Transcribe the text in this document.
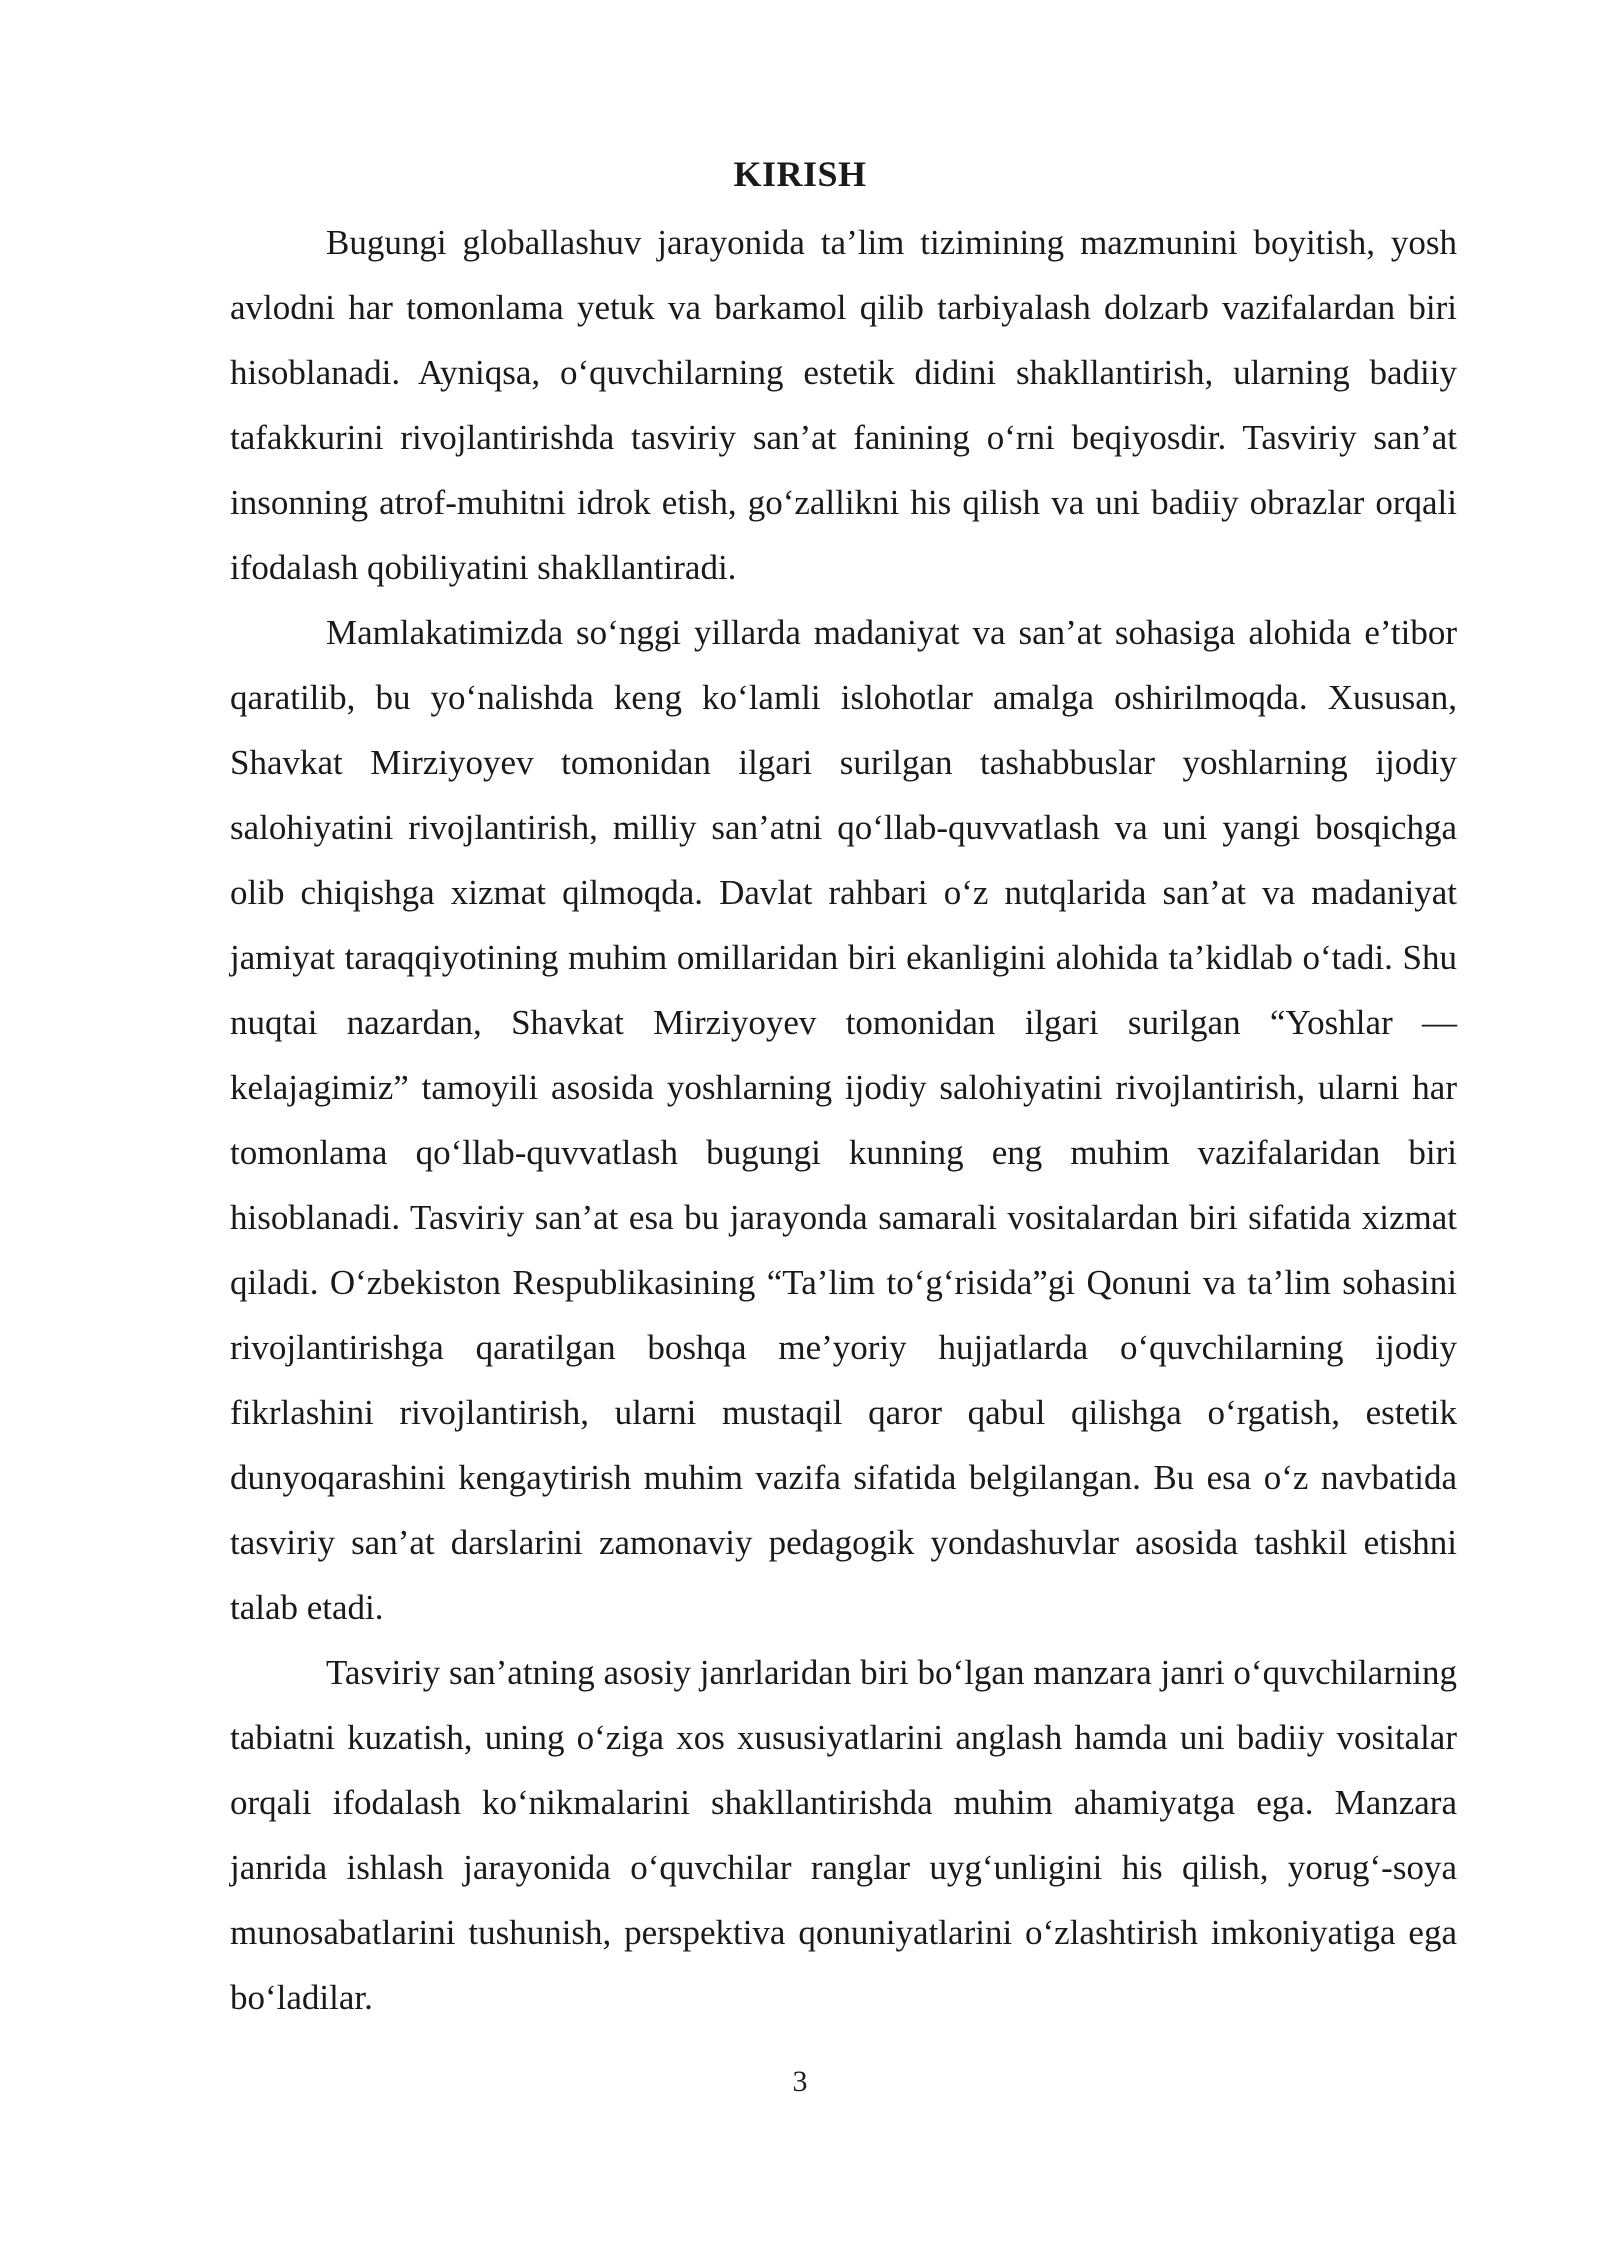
KIRISH

Bugungi globallashuv jarayonida ta’lim tizimining mazmunini boyitish, yosh avlodni har tomonlama yetuk va barkamol qilib tarbiyalash dolzarb vazifalardan biri hisoblanadi. Ayniqsa, o‘quvchilarning estetik didini shakllantirish, ularning badiiy tafakkurini rivojlantirishda tasviriy san’at fanining o‘rni beqiyosdir. Tasviriy san’at insonning atrof-muhitni idrok etish, go‘zallikni his qilish va uni badiiy obrazlar orqali ifodalash qobiliyatini shakllantiradi.

Mamlakatimizda so‘nggi yillarda madaniyat va san’at sohasiga alohida e’tibor qaratilib, bu yo‘nalishda keng ko‘lamli islohotlar amalga oshirilmoqda. Xususan, Shavkat Mirziyoyev tomonidan ilgari surilgan tashabbuslar yoshlarning ijodiy salohiyatini rivojlantirish, milliy san’atni qo‘llab-quvvatlash va uni yangi bosqichga olib chiqishga xizmat qilmoqda. Davlat rahbari o‘z nutqlarida san’at va madaniyat jamiyat taraqqiyotining muhim omillaridan biri ekanligini alohida ta’kidlab o‘tadi. Shu nuqtai nazardan, Shavkat Mirziyoyev tomonidan ilgari surilgan “Yoshlar — kelajagimiz” tamoyili asosida yoshlarning ijodiy salohiyatini rivojlantirish, ularni har tomonlama qo‘llab-quvvatlash bugungi kunning eng muhim vazifalaridan biri hisoblanadi. Tasviriy san’at esa bu jarayonda samarali vositalardan biri sifatida xizmat qiladi. O‘zbekiston Respublikasining “Ta’lim to‘g‘risida”gi Qonuni va ta’lim sohasini rivojlantirishga qaratilgan boshqa me’yoriy hujjatlarda o‘quvchilarning ijodiy fikrlashini rivojlantirish, ularni mustaqil qaror qabul qilishga o‘rgatish, estetik dunyoqarashini kengaytirish muhim vazifa sifatida belgilangan. Bu esa o‘z navbatida tasviriy san’at darslarini zamonaviy pedagogik yondashuvlar asosida tashkil etishni talab etadi.

Tasviriy san’atning asosiy janrlaridan biri bo‘lgan manzara janri o‘quvchilarning tabiatni kuzatish, uning o‘ziga xos xususiyatlarini anglash hamda uni badiiy vositalar orqali ifodalash ko‘nikmalarini shakllantirishda muhim ahamiyatga ega. Manzara janrida ishlash jarayonida o‘quvchilar ranglar uyg‘unligini his qilish, yorug‘-soya munosabatlarini tushunish, perspektiva qonuniyatlarini o‘zlashtirish imkoniyatiga ega bo‘ladilar.

3
